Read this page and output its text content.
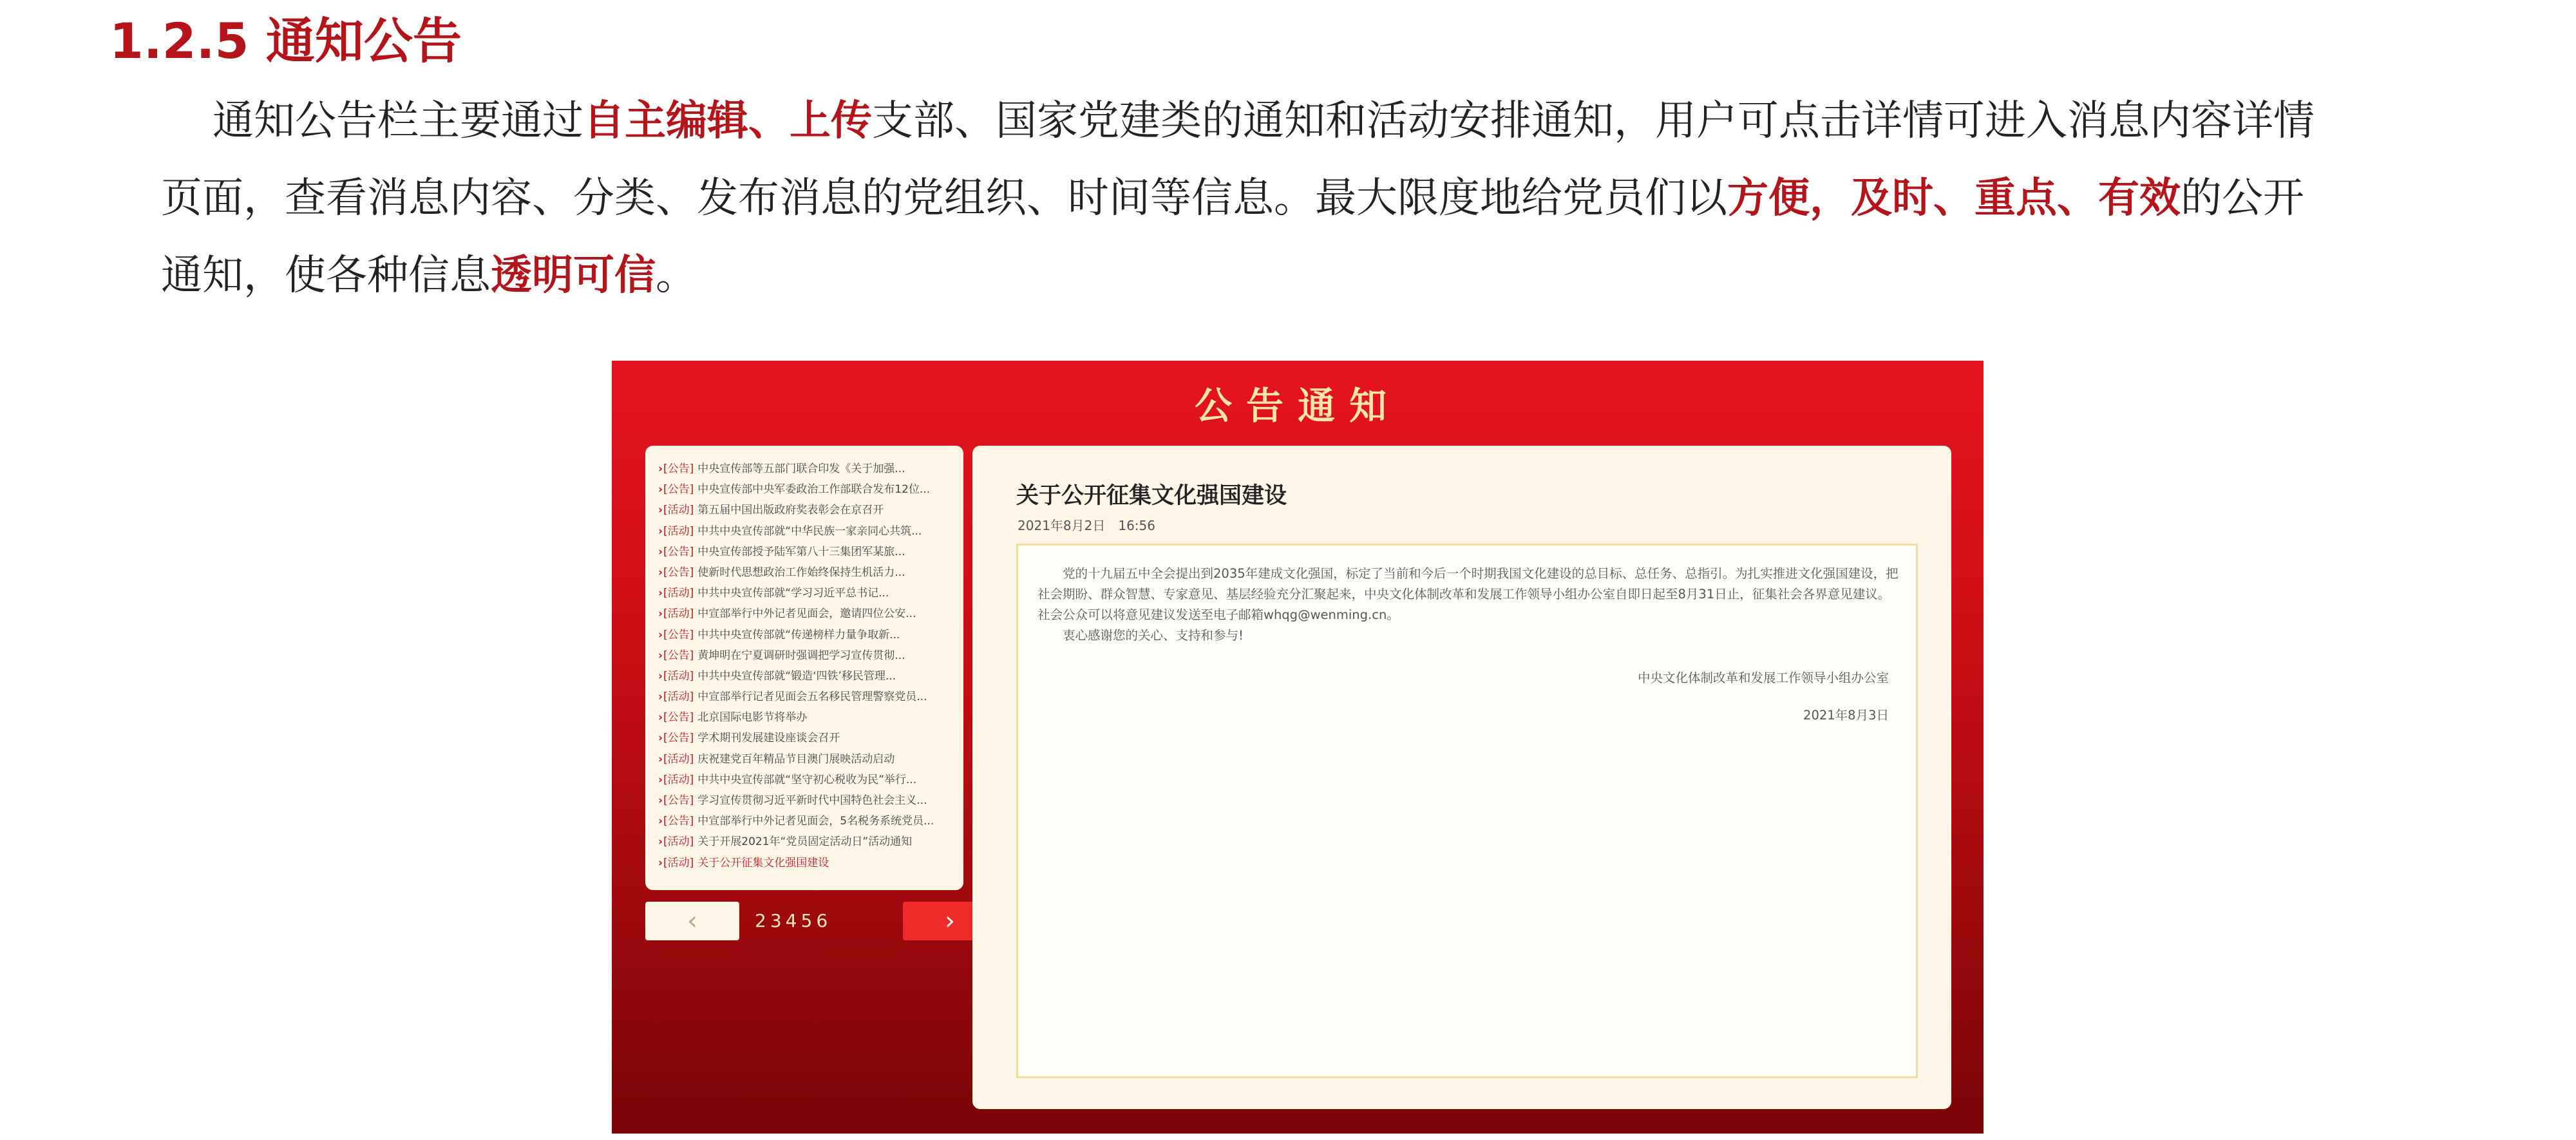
1.2.5 通知公告
通知公告栏主要通过自主编辑、上传支部、国家党建类的通知和活动安排通知，用户可点击详情可进入消息内容详情
页面，查看消息内容、分类、发布消息的党组织、时间等信息。最大限度地给党员们以方便，及时、重点、有效的公开
通知，使各种信息透明可信。
公告通知
›[公告] 中央宣传部等五部门联合印发《关于加强...
›[公告] 中央宣传部中央军委政治工作部联合发布12位...
›[活动] 第五届中国出版政府奖表彰会在京召开
›[活动] 中共中央宣传部就“中华民族一家亲同心共筑...
›[公告] 中央宣传部授予陆军第八十三集团军某旅...
›[公告] 使新时代思想政治工作始终保持生机活力...
›[活动] 中共中央宣传部就“学习习近平总书记...
›[活动] 中宣部举行中外记者见面会，邀请四位公安...
›[公告] 中共中央宣传部就“传递榜样力量争取新...
›[公告] 黄坤明在宁夏调研时强调把学习宣传贯彻...
›[活动] 中共中央宣传部就“锻造‘四铁’移民管理...
›[活动] 中宣部举行记者见面会五名移民管理警察党员...
›[公告] 北京国际电影节将举办
›[公告] 学术期刊发展建设座谈会召开
›[活动] 庆祝建党百年精品节目澳门展映活动启动
›[活动] 中共中央宣传部就“坚守初心税收为民”举行...
›[公告] 学习宣传贯彻习近平新时代中国特色社会主义...
›[公告] 中宣部举行中外记者见面会，5名税务系统党员...
›[活动] 关于开展2021年“党员固定活动日”活动通知
›[活动] 关于公开征集文化强国建设
‹	23456	›
关于公开征集文化强国建设
2021年8月2日　16:56
党的十九届五中全会提出到2035年建成文化强国，标定了当前和今后一个时期我国文化建设的总目标、总任务、总指引。为扎实推进文化强国建设，把社会期盼、群众智慧、专家意见、基层经验充分汇聚起来，中央文化体制改革和发展工作领导小组办公室自即日起至8月31日止，征集社会各界意见建议。社会公众可以将意见建议发送至电子邮箱whqg@wenming.cn。
衷心感谢您的关心、支持和参与!
中央文化体制改革和发展工作领导小组办公室
2021年8月3日
